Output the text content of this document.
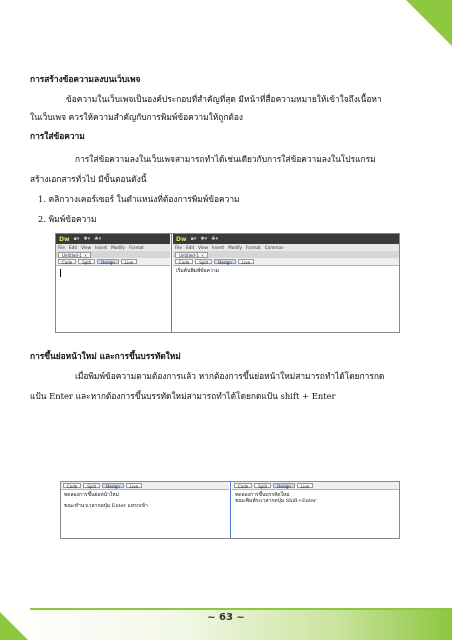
การสร้างข้อความลงบนเว็บเพจ
ข้อความในเว็บเพจเป็นองค์ประกอบที่สำคัญที่สุด มีหน้าที่สื่อความหมายให้เข้าใจถึงเนื้อหา
ในเว็บเพจ ควรให้ความสำคัญกับการพิมพ์ข้อความให้ถูกต้อง
การใส่ข้อความ
การใส่ข้อความลงในเว็บเพจสามารถทำได้เช่นเดียวกับการใส่ข้อความลงในโปรแกรม
สร้างเอกสารทั่วไป มีขั้นตอนดังนี้
1. คลิกวางเคอร์เซอร์ ในตำแหน่งที่ต้องการพิมพ์ข้อความ
2. พิมพ์ข้อความ
Dw ▪▾ ✱▾ ♣▾
File Edit View Insert Modify Format
Untitled-1 ×
Code	Split	Design	Live
Dw ▪▾ ✱▾ ♣▾
File Edit View Insert Modify Format Comman
Untitled-1 ×
Code	Split	Design	Live
เริ่มต้นพิมพ์ข้อความ
การขึ้นย่อหน้าใหม่ และการขึ้นบรรทัดใหม่
เมื่อพิมพ์ข้อความตามต้องการแล้ว หากต้องการขึ้นย่อหน้าใหม่สามารถทำได้โดยการกด
แป้น Enter และหากต้องการขึ้นบรรทัดใหม่สามารถทำได้โดยกดแป้น shift + Enter
Code	Split	Design	Live
ทดลองการขึ้นย่อหน้าใหม่
ขณะทำนวเวลากดปุ่ม Enter แทรกเข้า
Code	Split	Design	Live
ทดลองการขึ้นบรรทัดใหม่
ขณะพิมพ์ระเวลากดปุ่ม Shift+Enter
~ 63 ~
